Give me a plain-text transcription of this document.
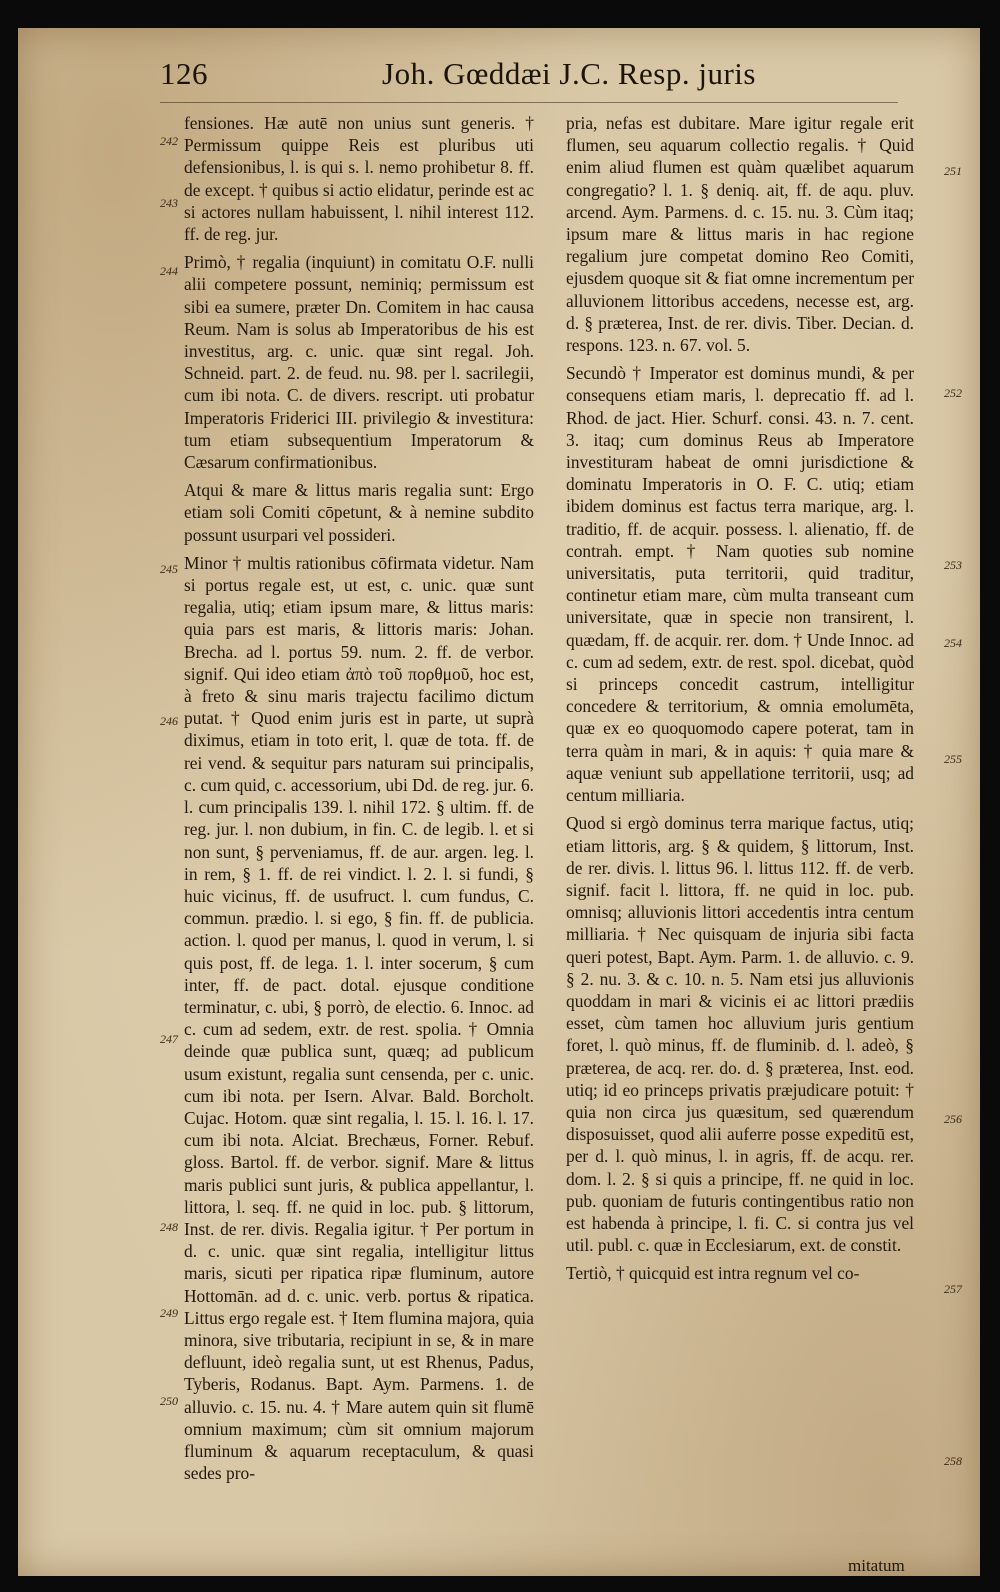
126	Joh. Gœddæi J.C. Resp. juris

fensiones. Hæ autē non unius sunt generis. † Permissum quippe Reis est pluribus uti defensionibus, l. is qui s. l. nemo prohibetur 8. ff. de except. † quibus si actio elidatur, perinde est ac si actores nullam habuissent, l. nihil interest 112. ff. de reg. jur.

Primò, † regalia (inquiunt) in comitatu O.F. nulli alii competere possunt, neminiq; permissum est sibi ea sumere, præter Dn. Comitem in hac causa Reum. Nam is solus ab Imperatoribus de his est investitus, arg. c. unic. quæ sint regal. Joh. Schneid. part. 2. de feud. nu. 98. per l. sacrilegii, cum ibi nota. C. de divers. rescript. uti probatur Imperatoris Friderici III. privilegio & investitura: tum etiam subsequentium Imperatorum & Cæsarum confirmationibus.

Atqui & mare & littus maris regalia sunt: Ergo etiam soli Comiti cōpetunt, & à nemine subdito possunt usurpari vel possideri.

Minor † multis rationibus cōfirmata videtur. Nam si portus regale est, ut est, c. unic. quæ sunt regalia, utiq; etiam ipsum mare, & littus maris: quia pars est maris, & littoris maris: Johan. Brecha. ad l. portus 59. num. 2. ff. de verbor. signif. Qui ideo etiam ἀπὸ τοῦ πορθμοῦ, hoc est, à freto & sinu maris trajectu facilimo dictum putat. † Quod enim juris est in parte, ut suprà diximus, etiam in toto erit, l. quæ de tota. ff. de rei vend. & sequitur pars naturam sui principalis, c. cum quid, c. accessorium, ubi Dd. de reg. jur. 6. l. cum principalis 139. l. nihil 172. § ultim. ff. de reg. jur. l. non dubium, in fin. C. de legib. l. et si non sunt, § perveniamus, ff. de aur. argen. leg. l. in rem, § 1. ff. de rei vindict. l. 2. l. si fundi, § huic vicinus, ff. de usufruct. l. cum fundus, C. commun. prædio. l. si ego, § fin. ff. de publicia. action. l. quod per manus, l. quod in verum, l. si quis post, ff. de lega. 1. l. inter socerum, § cum inter, ff. de pact. dotal. ejusque conditione terminatur, c. ubi, § porrò, de electio. 6. Innoc. ad c. cum ad sedem, extr. de rest. spolia. † Omnia deinde quæ publica sunt, quæq; ad publicum usum existunt, regalia sunt censenda, per c. unic. cum ibi nota. per Isern. Alvar. Bald. Borcholt. Cujac. Hotom. quæ sint regalia, l. 15. l. 16. l. 17. cum ibi nota. Alciat. Brechæus, Forner. Rebuf. gloss. Bartol. ff. de verbor. signif. Mare & littus maris publici sunt juris, & publica appellantur, l. littora, l. seq. ff. ne quid in loc. pub. § littorum, Inst. de rer. divis. Regalia igitur. † Per portum in d. c. unic. quæ sint regalia, intelligitur littus maris, sicuti per ripatica ripæ fluminum, autore Hottomān. ad d. c. unic. verb. portus & ripatica. Littus ergo regale est. † Item flumina majora, quia minora, sive tributaria, recipiunt in se, & in mare defluunt, ideò regalia sunt, ut est Rhenus, Padus, Tyberis, Rodanus. Bapt. Aym. Parmens. 1. de alluvio. c. 15. nu. 4. † Mare autem quin sit flumē omnium maximum; cùm sit omnium majorum fluminum & aquarum receptaculum, & quasi sedes pro-

pria, nefas est dubitare. Mare igitur regale erit flumen, seu aquarum collectio regalis. † Quid enim aliud flumen est quàm quælibet aquarum congregatio? l. 1. § deniq. ait, ff. de aqu. pluv. arcend. Aym. Parmens. d. c. 15. nu. 3. Cùm itaq; ipsum mare & littus maris in hac regione regalium jure competat domino Reo Comiti, ejusdem quoque sit & fiat omne incrementum per alluvionem littoribus accedens, necesse est, arg. d. § præterea, Inst. de rer. divis. Tiber. Decian. d. respons. 123. n. 67. vol. 5.

Secundò † Imperator est dominus mundi, & per consequens etiam maris, l. deprecatio ff. ad l. Rhod. de jact. Hier. Schurf. consi. 43. n. 7. cent. 3. itaq; cum dominus Reus ab Imperatore investituram habeat de omni jurisdictione & dominatu Imperatoris in O. F. C. utiq; etiam ibidem dominus est factus terra marique, arg. l. traditio, ff. de acquir. possess. l. alienatio, ff. de contrah. empt. † Nam quoties sub nomine universitatis, puta territorii, quid traditur, continetur etiam mare, cùm multa transeant cum universitate, quæ in specie non transirent, l. quædam, ff. de acquir. rer. dom. † Unde Innoc. ad c. cum ad sedem, extr. de rest. spol. dicebat, quòd si princeps concedit castrum, intelligitur concedere & territorium, & omnia emolumēta, quæ ex eo quoquomodo capere poterat, tam in terra quàm in mari, & in aquis: † quia mare & aquæ veniunt sub appellatione territorii, usq; ad centum milliaria.

Quod si ergò dominus terra marique factus, utiq; etiam littoris, arg. § & quidem, § littorum, Inst. de rer. divis. l. littus 96. l. littus 112. ff. de verb. signif. facit l. littora, ff. ne quid in loc. pub. omnisq; alluvionis littori accedentis intra centum milliaria. † Nec quisquam de injuria sibi facta queri potest, Bapt. Aym. Parm. 1. de alluvio. c. 9. § 2. nu. 3. & c. 10. n. 5. Nam etsi jus alluvionis quoddam in mari & vicinis ei ac littori prædiis esset, cùm tamen hoc alluvium juris gentium foret, l. quò minus, ff. de fluminib. d. l. adeò, § præterea, de acq. rer. do. d. § præterea, Inst. eod. utiq; id eo princeps privatis præjudicare potuit: † quia non circa jus quæsitum, sed quærendum disposuisset, quod alii auferre posse expeditū est, per d. l. quò minus, l. in agris, ff. de acqu. rer. dom. l. 2. § si quis a principe, ff. ne quid in loc. pub. quoniam de futuris contingentibus ratio non est habenda à principe, l. fi. C. si contra jus vel util. publ. c. quæ in Ecclesiarum, ext. de constit.

Tertiò, † quicquid est intra regnum vel co-

242
243
244
245
246
247
248
249
250
251
252
253
254
255
256
257
258
mitatum
